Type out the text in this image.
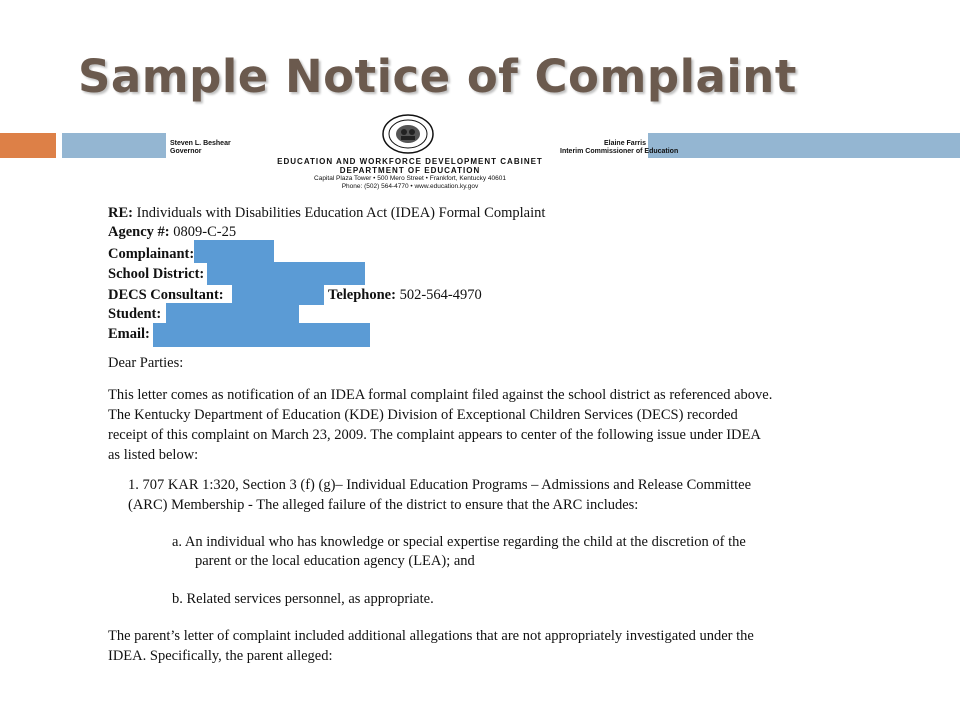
Sample Notice of Complaint
Steven L. Beshear
Governor
Elaine Farris
Interim Commissioner of Education
EDUCATION AND WORKFORCE DEVELOPMENT CABINET
DEPARTMENT OF EDUCATION
Capital Plaza Tower • 500 Mero Street • Frankfort, Kentucky 40601
Phone: (502) 564-4770 • www.education.ky.gov
RE: Individuals with Disabilities Education Act (IDEA) Formal Complaint
Agency #: 0809-C-25
Complainant:
School District:
DECS Consultant:	Telephone: 502-564-4970
Student:
Email:
Dear Parties:
This letter comes as notification of an IDEA formal complaint filed against the school district as referenced above.
The Kentucky Department of Education (KDE) Division of Exceptional Children Services (DECS) recorded
receipt of this complaint on March 23, 2009. The complaint appears to center of the following issue under IDEA
as listed below:
1. 707 KAR 1:320, Section 3 (f) (g)– Individual Education Programs – Admissions and Release Committee
(ARC) Membership - The alleged failure of the district to ensure that the ARC includes:
a. An individual who has knowledge or special expertise regarding the child at the discretion of the
parent or the local education agency (LEA); and
b. Related services personnel, as appropriate.
The parent’s letter of complaint included additional allegations that are not appropriately investigated under the
IDEA. Specifically, the parent alleged:
